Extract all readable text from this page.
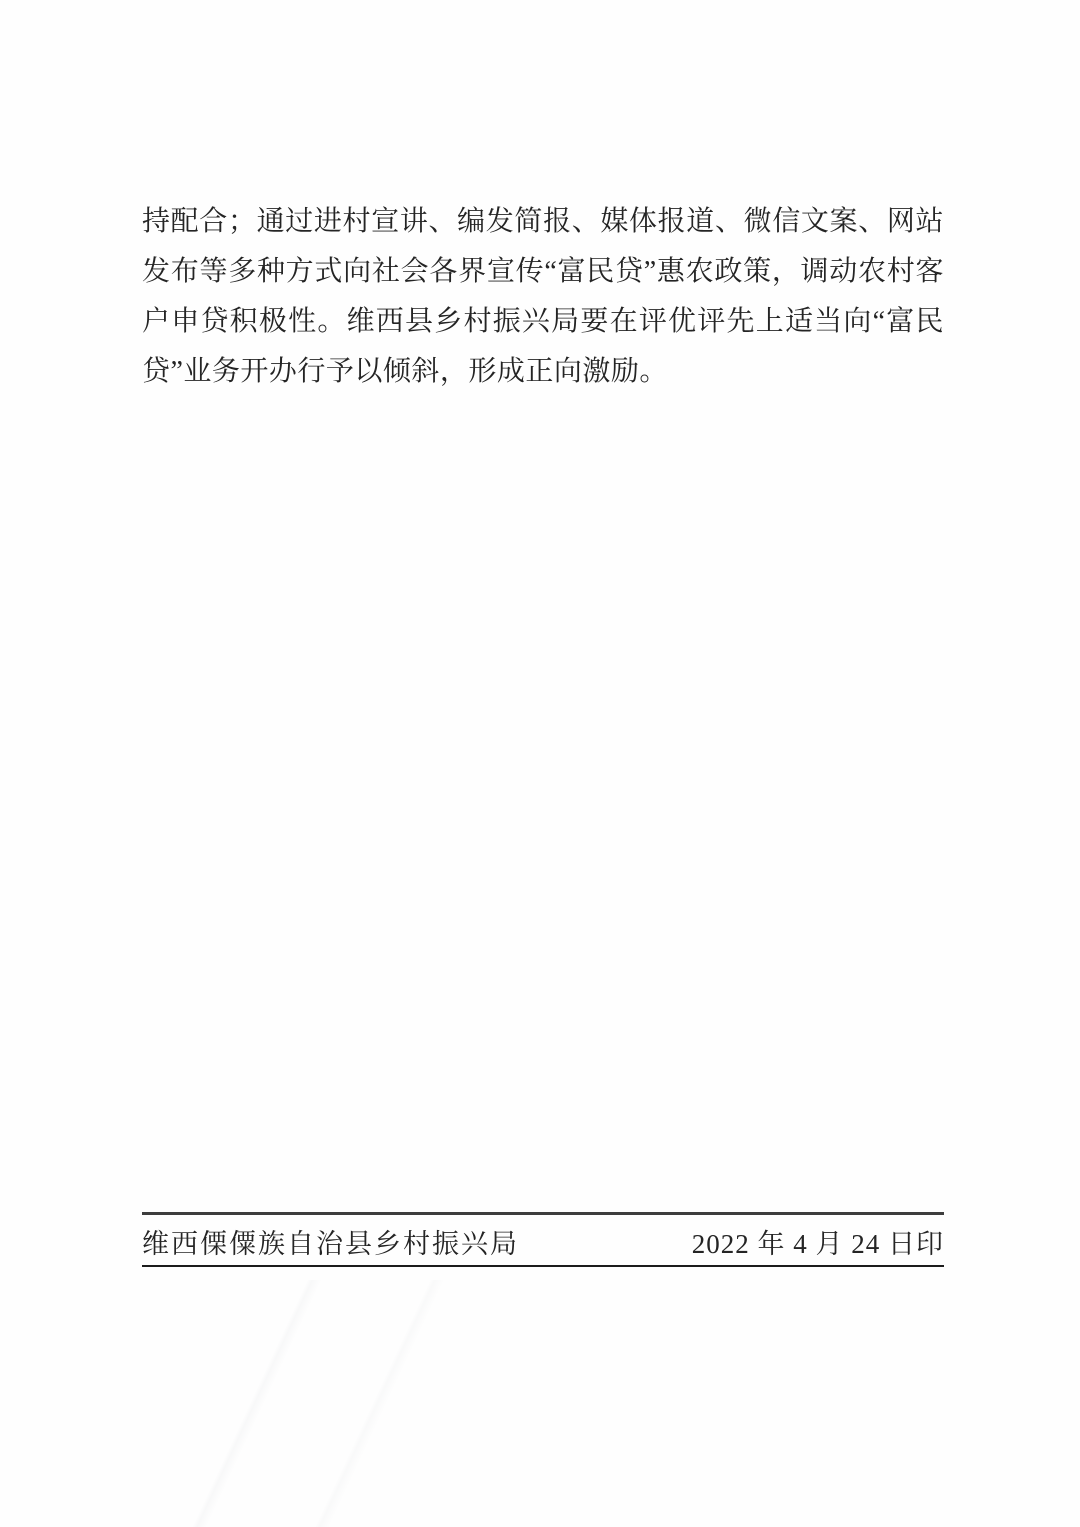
持配合；通过进村宣讲、编发简报、媒体报道、微信文案、网站
发布等多种方式向社会各界宣传“富民贷”惠农政策，调动农村客
户申贷积极性。维西县乡村振兴局要在评优评先上适当向“富民
贷”业务开办行予以倾斜，形成正向激励。
维西傈僳族自治县乡村振兴局	2022 年 4 月 24 日印
